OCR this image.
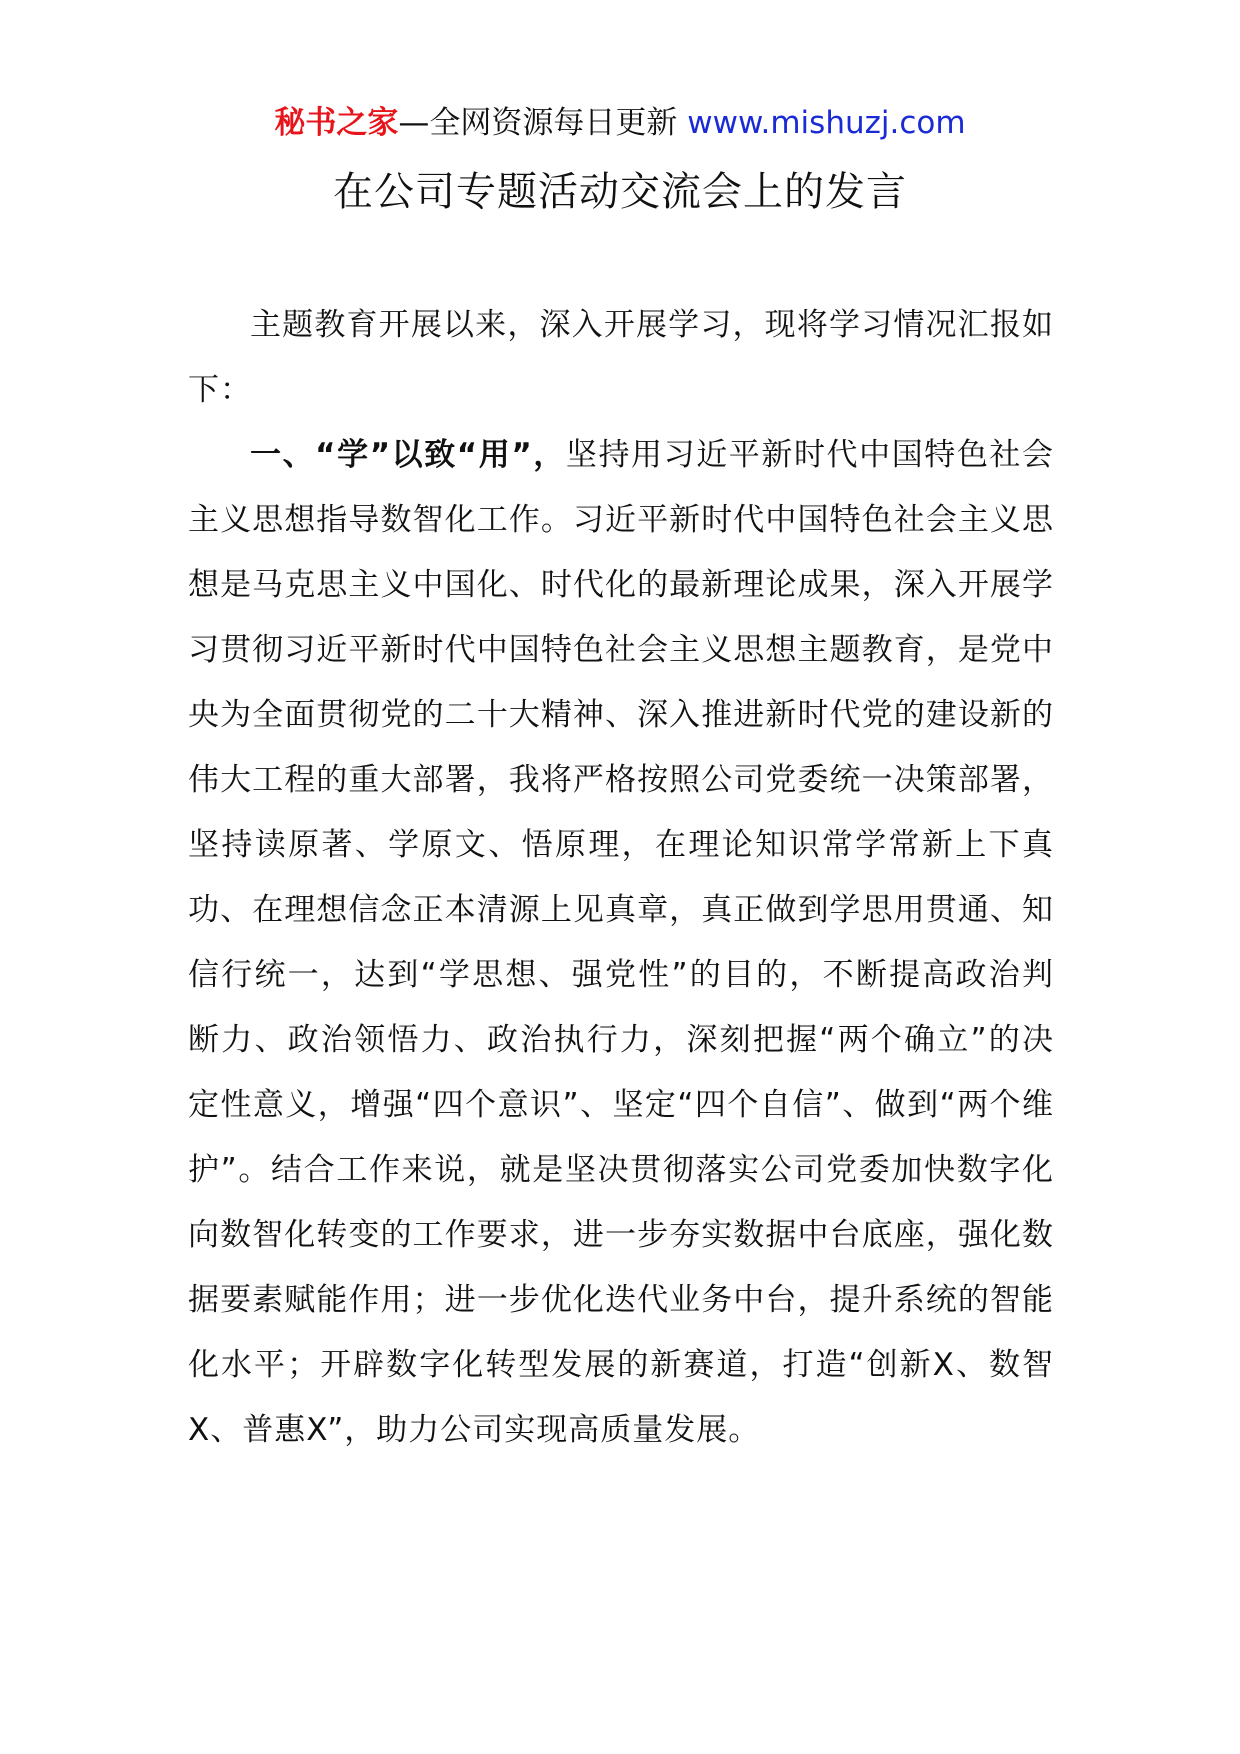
秘书之家—全网资源每日更新 www.mishuzj.com
在公司专题活动交流会上的发言

主题教育开展以来，深入开展学习，现将学习情况汇报如下：

一、“学”以致“用”，坚持用习近平新时代中国特色社会主义思想指导数智化工作。习近平新时代中国特色社会主义思想是马克思主义中国化、时代化的最新理论成果，深入开展学习贯彻习近平新时代中国特色社会主义思想主题教育，是党中央为全面贯彻党的二十大精神、深入推进新时代党的建设新的伟大工程的重大部署，我将严格按照公司党委统一决策部署，坚持读原著、学原文、悟原理，在理论知识常学常新上下真功、在理想信念正本清源上见真章，真正做到学思用贯通、知信行统一，达到“学思想、强党性”的目的，不断提高政治判断力、政治领悟力、政治执行力，深刻把握“两个确立”的决定性意义，增强“四个意识”、坚定“四个自信”、做到“两个维护”。结合工作来说，就是坚决贯彻落实公司党委加快数字化向数智化转变的工作要求，进一步夯实数据中台底座，强化数据要素赋能作用；进一步优化迭代业务中台，提升系统的智能化水平；开辟数字化转型发展的新赛道，打造“创新X、数智X、普惠X”，助力公司实现高质量发展。
